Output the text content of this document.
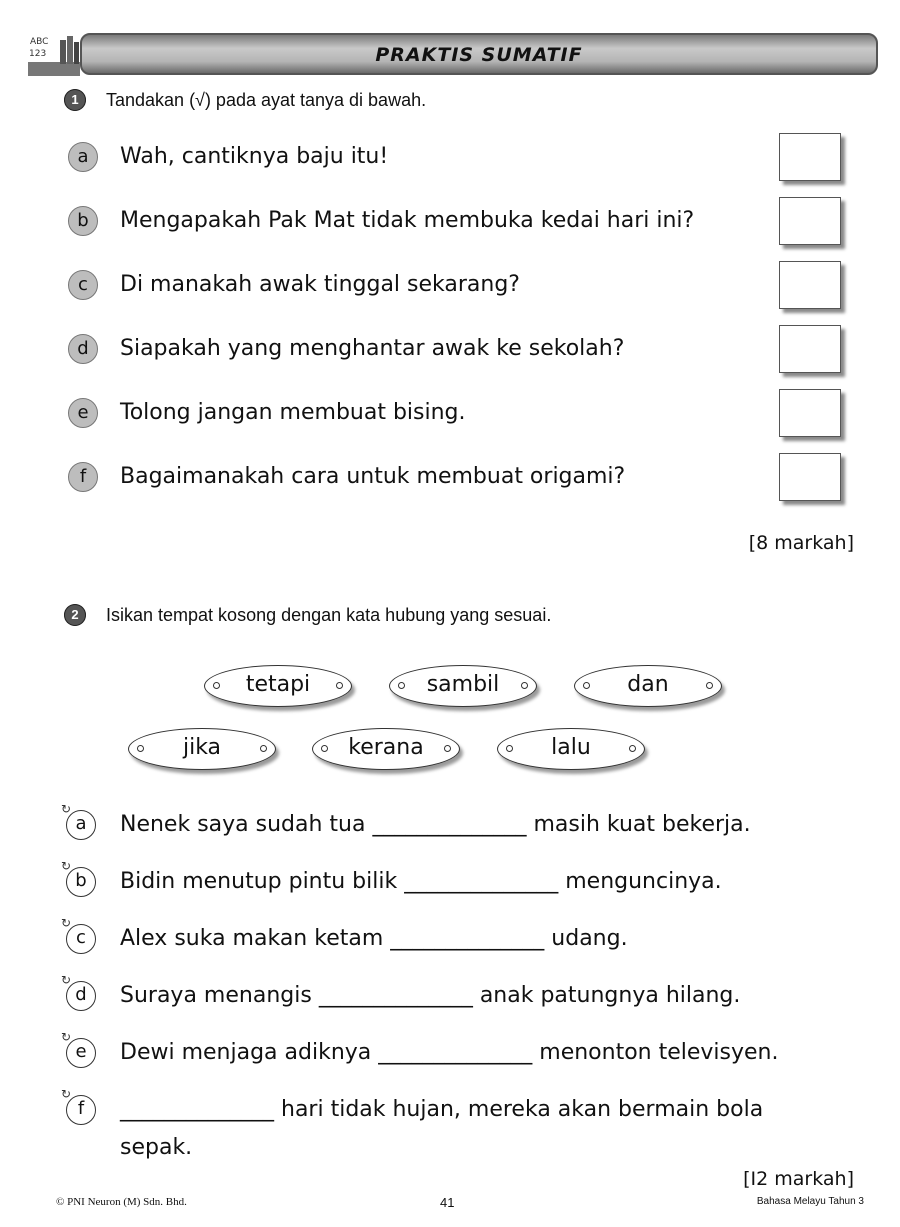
PRAKTIS SUMATIF
ABC
123
1	Tandakan (√) pada ayat tanya di bawah.
a	Wah, cantiknya baju itu!
b	Mengapakah Pak Mat tidak membuka kedai hari ini?
c	Di manakah awak tinggal sekarang?
d	Siapakah yang menghantar awak ke sekolah?
e	Tolong jangan membuat bising.
f	Bagaimanakah cara untuk membuat origami?
[8 markah]
2	Isikan tempat kosong dengan kata hubung yang sesuai.
tetapi	sambil	dan
jika	kerana	lalu
↻
a	Nenek saya sudah tua ______________ masih kuat bekerja.
↻
b	Bidin menutup pintu bilik ______________ menguncinya.
↻
c	Alex suka makan ketam ______________ udang.
↻
d	Suraya menangis ______________ anak patungnya hilang.
↻
e	Dewi menjaga adiknya ______________ menonton televisyen.
↻
f	______________ hari tidak hujan, mereka akan bermain bola
sepak.
[I2 markah]
© PNI Neuron (M) Sdn. Bhd.	41	Bahasa Melayu Tahun 3
